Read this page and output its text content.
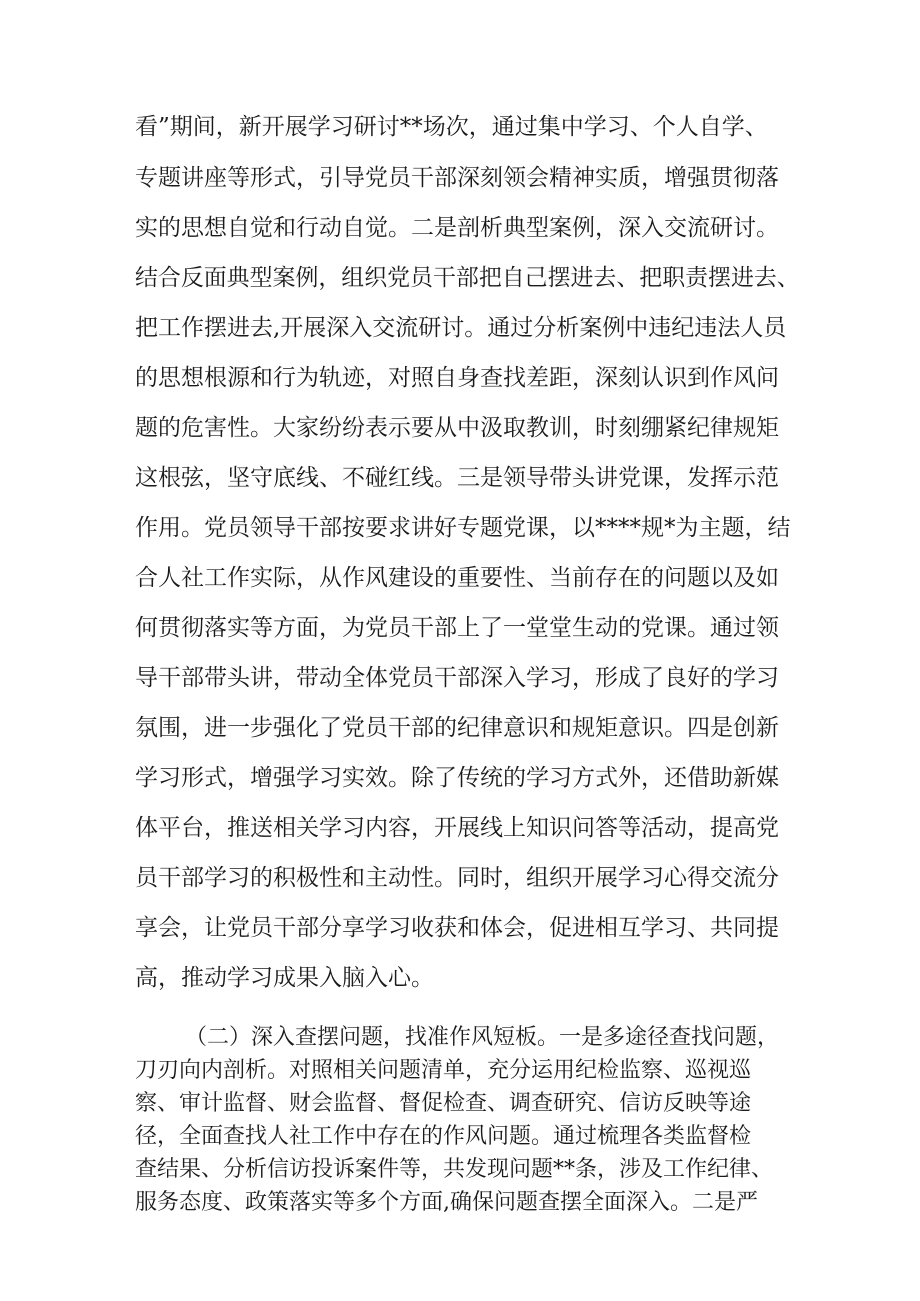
看”期间，新开展学习研讨**场次，通过集中学习、个人自学、

专题讲座等形式，引导党员干部深刻领会精神实质，增强贯彻落

实的思想自觉和行动自觉。二是剖析典型案例，深入交流研讨。

结合反面典型案例，组织党员干部把自己摆进去、把职责摆进去、

把工作摆进去,开展深入交流研讨。通过分析案例中违纪违法人员

的思想根源和行为轨迹，对照自身查找差距，深刻认识到作风问

题的危害性。大家纷纷表示要从中汲取教训，时刻绷紧纪律规矩

这根弦，坚守底线、不碰红线。三是领导带头讲党课，发挥示范

作用。党员领导干部按要求讲好专题党课，以****规*为主题，结

合人社工作实际，从作风建设的重要性、当前存在的问题以及如

何贯彻落实等方面，为党员干部上了一堂堂生动的党课。通过领

导干部带头讲，带动全体党员干部深入学习，形成了良好的学习

氛围，进一步强化了党员干部的纪律意识和规矩意识。四是创新

学习形式，增强学习实效。除了传统的学习方式外，还借助新媒

体平台，推送相关学习内容，开展线上知识问答等活动，提高党

员干部学习的积极性和主动性。同时，组织开展学习心得交流分

享会，让党员干部分享学习收获和体会，促进相互学习、共同提

高，推动学习成果入脑入心。

（二）深入查摆问题，找准作风短板。一是多途径查找问题，

刀刃向内剖析。对照相关问题清单，充分运用纪检监察、巡视巡

察、审计监督、财会监督、督促检查、调查研究、信访反映等途

径，全面查找人社工作中存在的作风问题。通过梳理各类监督检

查结果、分析信访投诉案件等，共发现问题**条，涉及工作纪律、

服务态度、政策落实等多个方面,确保问题查摆全面深入。二是严
